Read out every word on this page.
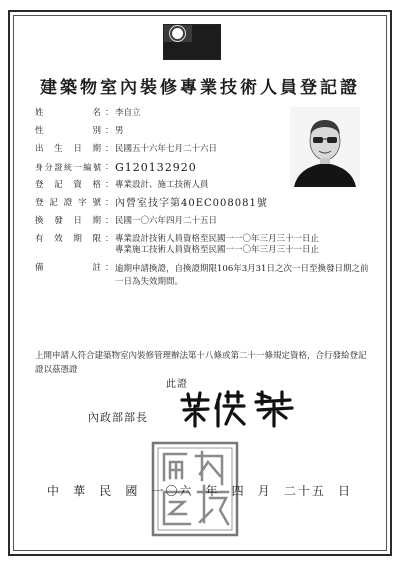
建築物室內裝修專業技術人員登記證
姓	名 ： 李自立
性	別 ： 男
出 生 日 期 ： 民國五十六年七月二十六日
身 分 證 統 一 編 號 ： G120132920
登 記 資 格 ： 專業設計、施工技術人員
登 記 證 字 號 ： 內營室技字第40EC008081號
換 發 日 期 ： 民國一〇六年四月二十五日
有 效 期 限 ： 專業設計技術人員資格至民國一一〇年三月三十一日止
專業施工技術人員資格至民國一一〇年三月三十一日止
備	註 ： 逾期申請換證，自換證期限106年3月31日之次一日至換發日期之前一日為失效期間。
上開申請人符合建築物室內裝修管理辦法第十八條或第二十一條規定資格，合行發給登記證以茲憑證
此證
內政部部長
中 華 民 國 一〇六 年 四 月 二十五 日
